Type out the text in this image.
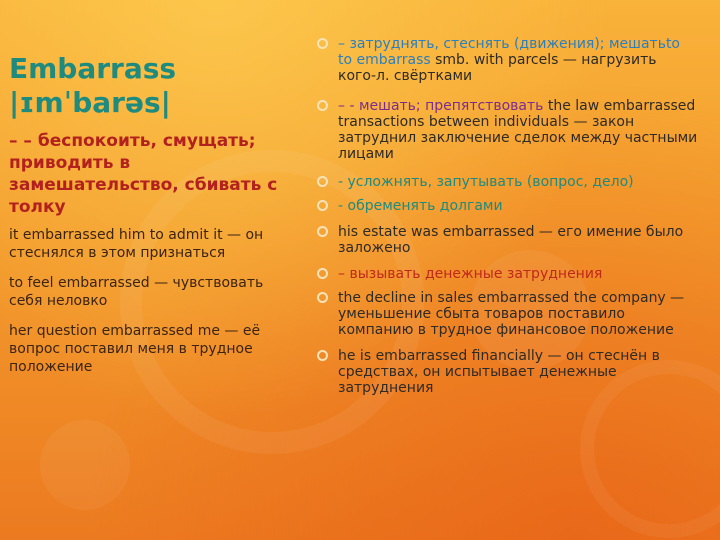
Embarrass
|ɪmˈbarəs|
– – беспокоить, смущать; приводить в замешательство, сбивать с толку
it embarrassed him to admit it — он стеснялся в этом признаться
to feel embarrassed — чувствовать себя неловко
her question embarrassed me — её вопрос поставил меня в трудное положение
– затруднять, стеснять (движения); мешатьto to embarrass smb. with parcels — нагрузить кого-л. свёртками
– - мешать; препятствовать the law embarrassed transactions between individuals — закон затруднил заключение сделок между частными лицами
- усложнять, запутывать (вопрос, дело)
- обременять долгами
his estate was embarrassed — его имение было заложено
– вызывать денежные затруднения
the decline in sales embarrassed the company — уменьшение сбыта товаров поставило компанию в трудное финансовое положение
he is embarrassed financially — он стеснён в средствах, он испытывает денежные затруднения
